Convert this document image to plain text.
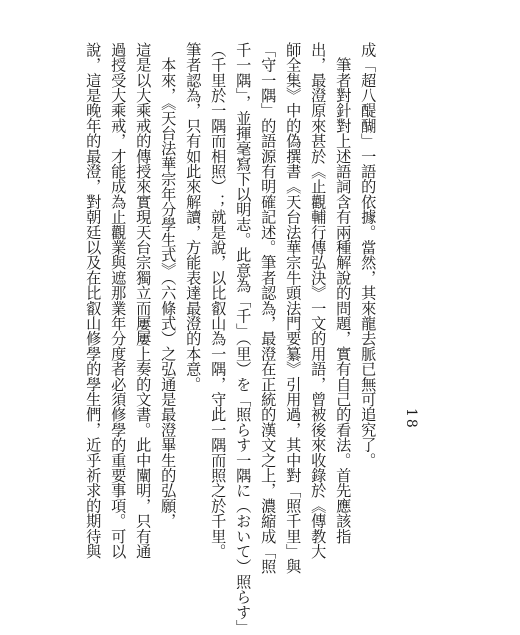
成「超八醍醐」一語的依據。當然，其來龍去脈已無可追究了。
　筆者對針對上述語詞含有兩種解說的問題，實有自己的看法。首先應該指
出，最澄原來甚於《止觀輔行傳弘決》一文的用語，曾被後來收錄於《傳教大
師全集》中的偽撰書《天台法華宗牛頭法門要纂》引用過，其中對「照千里」與
「守一隅」的語源有明確記述。筆者認為，最澄在正統的漢文之上，濃縮成「照
千一隅」，並揮毫寫下以明志。此意為「千」（里）を「照らす一隅に（おいて）照らす」
（千里於一隅而相照）；就是說，以比叡山為一隅，守此一隅而照之於千里。
筆者認為，只有如此來解讀，方能表達最澄的本意。
　本來，《天台法華宗年分學生式》（六條式）之弘通是最澄畢生的弘願，
這是以大乘戒的傳授來實現天台宗獨立而屢屢上奏的文書。此中闡明，只有通
過授受大乘戒，才能成為止觀業與遮那業年分度者必須修學的重要事項。可以
說，這是晚年的最澄，對朝廷以及在比叡山修學的學生們，近乎祈求的期待與	18
